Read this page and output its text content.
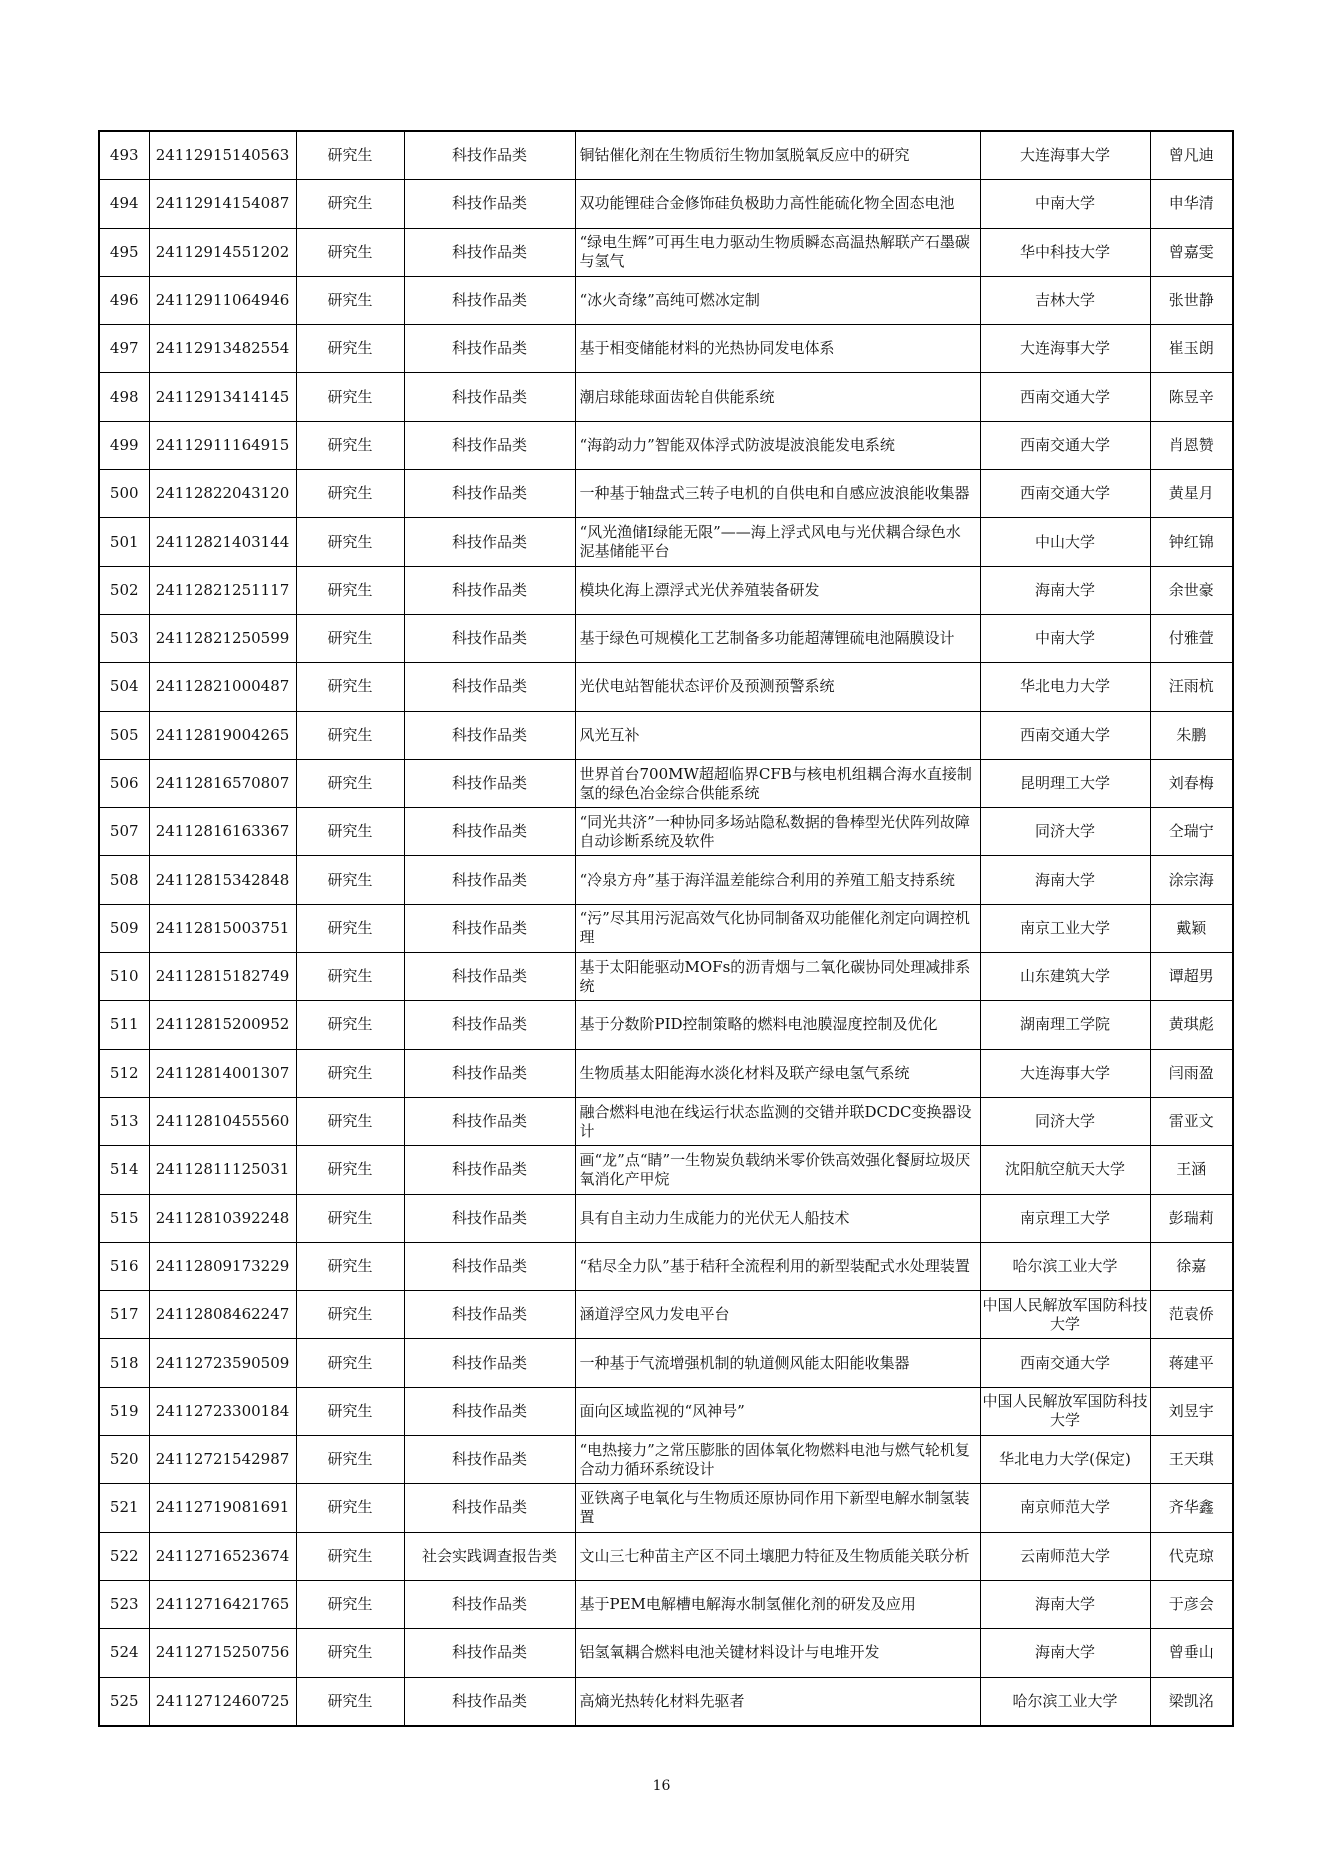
493	24112915140563	研究生	科技作品类	铜钴催化剂在生物质衍生物加氢脱氧反应中的研究	大连海事大学	曾凡迪
494	24112914154087	研究生	科技作品类	双功能锂硅合金修饰硅负极助力高性能硫化物全固态电池	中南大学	申华清
495	24112914551202	研究生	科技作品类	“绿电生辉”可再生电力驱动生物质瞬态高温热解联产石墨碳与氢气	华中科技大学	曾嘉雯
496	24112911064946	研究生	科技作品类	“冰火奇缘”高纯可燃冰定制	吉林大学	张世静
497	24112913482554	研究生	科技作品类	基于相变储能材料的光热协同发电体系	大连海事大学	崔玉朗
498	24112913414145	研究生	科技作品类	潮启球能球面齿轮自供能系统	西南交通大学	陈昱辛
499	24112911164915	研究生	科技作品类	“海韵动力”智能双体浮式防波堤波浪能发电系统	西南交通大学	肖恩赞
500	24112822043120	研究生	科技作品类	一种基于轴盘式三转子电机的自供电和自感应波浪能收集器	西南交通大学	黄星月
501	24112821403144	研究生	科技作品类	“风光渔储I绿能无限”——海上浮式风电与光伏耦合绿色水泥基储能平台	中山大学	钟红锦
502	24112821251117	研究生	科技作品类	模块化海上漂浮式光伏养殖装备研发	海南大学	余世豪
503	24112821250599	研究生	科技作品类	基于绿色可规模化工艺制备多功能超薄锂硫电池隔膜设计	中南大学	付雅萱
504	24112821000487	研究生	科技作品类	光伏电站智能状态评价及预测预警系统	华北电力大学	汪雨杭
505	24112819004265	研究生	科技作品类	风光互补	西南交通大学	朱鹏
506	24112816570807	研究生	科技作品类	世界首台700MW超超临界CFB与核电机组耦合海水直接制氢的绿色冶金综合供能系统	昆明理工大学	刘春梅
507	24112816163367	研究生	科技作品类	“同光共济”一种协同多场站隐私数据的鲁棒型光伏阵列故障自动诊断系统及软件	同济大学	仝瑞宁
508	24112815342848	研究生	科技作品类	“冷泉方舟”基于海洋温差能综合利用的养殖工船支持系统	海南大学	涂宗海
509	24112815003751	研究生	科技作品类	“污”尽其用污泥高效气化协同制备双功能催化剂定向调控机理	南京工业大学	戴颖
510	24112815182749	研究生	科技作品类	基于太阳能驱动MOFs的沥青烟与二氧化碳协同处理减排系统	山东建筑大学	谭超男
511	24112815200952	研究生	科技作品类	基于分数阶PID控制策略的燃料电池膜湿度控制及优化	湖南理工学院	黄琪彪
512	24112814001307	研究生	科技作品类	生物质基太阳能海水淡化材料及联产绿电氢气系统	大连海事大学	闫雨盈
513	24112810455560	研究生	科技作品类	融合燃料电池在线运行状态监测的交错并联DCDC变换器设计	同济大学	雷亚文
514	24112811125031	研究生	科技作品类	画“龙”点“睛”一生物炭负载纳米零价铁高效强化餐厨垃圾厌氧消化产甲烷	沈阳航空航天大学	王涵
515	24112810392248	研究生	科技作品类	具有自主动力生成能力的光伏无人船技术	南京理工大学	彭瑞莉
516	24112809173229	研究生	科技作品类	“秸尽全力队”基于秸秆全流程利用的新型装配式水处理装置	哈尔滨工业大学	徐嘉
517	24112808462247	研究生	科技作品类	涵道浮空风力发电平台	中国人民解放军国防科技大学	范袁侨
518	24112723590509	研究生	科技作品类	一种基于气流增强机制的轨道侧风能太阳能收集器	西南交通大学	蒋建平
519	24112723300184	研究生	科技作品类	面向区域监视的“风神号”	中国人民解放军国防科技大学	刘昱宇
520	24112721542987	研究生	科技作品类	“电热接力”之常压膨胀的固体氧化物燃料电池与燃气轮机复合动力循环系统设计	华北电力大学(保定)	王天琪
521	24112719081691	研究生	科技作品类	亚铁离子电氧化与生物质还原协同作用下新型电解水制氢装置	南京师范大学	齐华鑫
522	24112716523674	研究生	社会实践调查报告类	文山三七种苗主产区不同土壤肥力特征及生物质能关联分析	云南师范大学	代克琼
523	24112716421765	研究生	科技作品类	基于PEM电解槽电解海水制氢催化剂的研发及应用	海南大学	于彦会
524	24112715250756	研究生	科技作品类	铝氢氧耦合燃料电池关键材料设计与电堆开发	海南大学	曾垂山
525	24112712460725	研究生	科技作品类	高熵光热转化材料先驱者	哈尔滨工业大学	梁凯洺
16
